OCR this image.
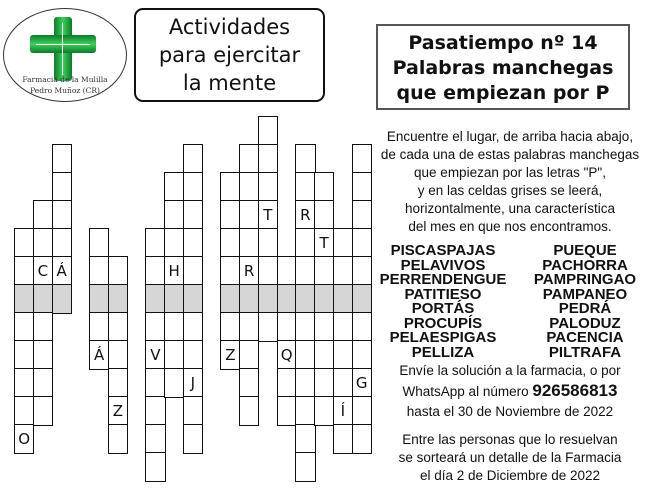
Farmacia de la Mulilla
Pedro Muñoz (CR)
Actividades
para ejercitar
la mente
Pasatiempo nº 14
Palabras manchegas
que empiezan por P
Encuentre el lugar, de arriba hacia abajo,
de cada una de estas palabras manchegas
que empiezan por las letras "P",
y en las celdas grises se leerá,
horizontalmente, una característica
del mes en que nos encontramos.
PISCASPAJAS
PELAVIVOS
PERRENDENGUE
PATITIESO
PORTÁS
PROCUPÍS
PELAESPIGAS
PELLIZA
PUEQUE
PACHORRA
PAMPRINGAO
PAMPANEO
PEDRÁ
PALODUZ
PACENCIA
PILTRAFA
Envíe la solución a la farmacia, o por
WhatsApp al número 926586813
hasta el 30 de Noviembre de 2022
Entre las personas que lo resuelvan
se sorteará un detalle de la Farmacia
el día 2 de Diciembre de 2022
O
C Á
Á
Z
V
H
J
Z
R
T
Q
R
T
Í
G
